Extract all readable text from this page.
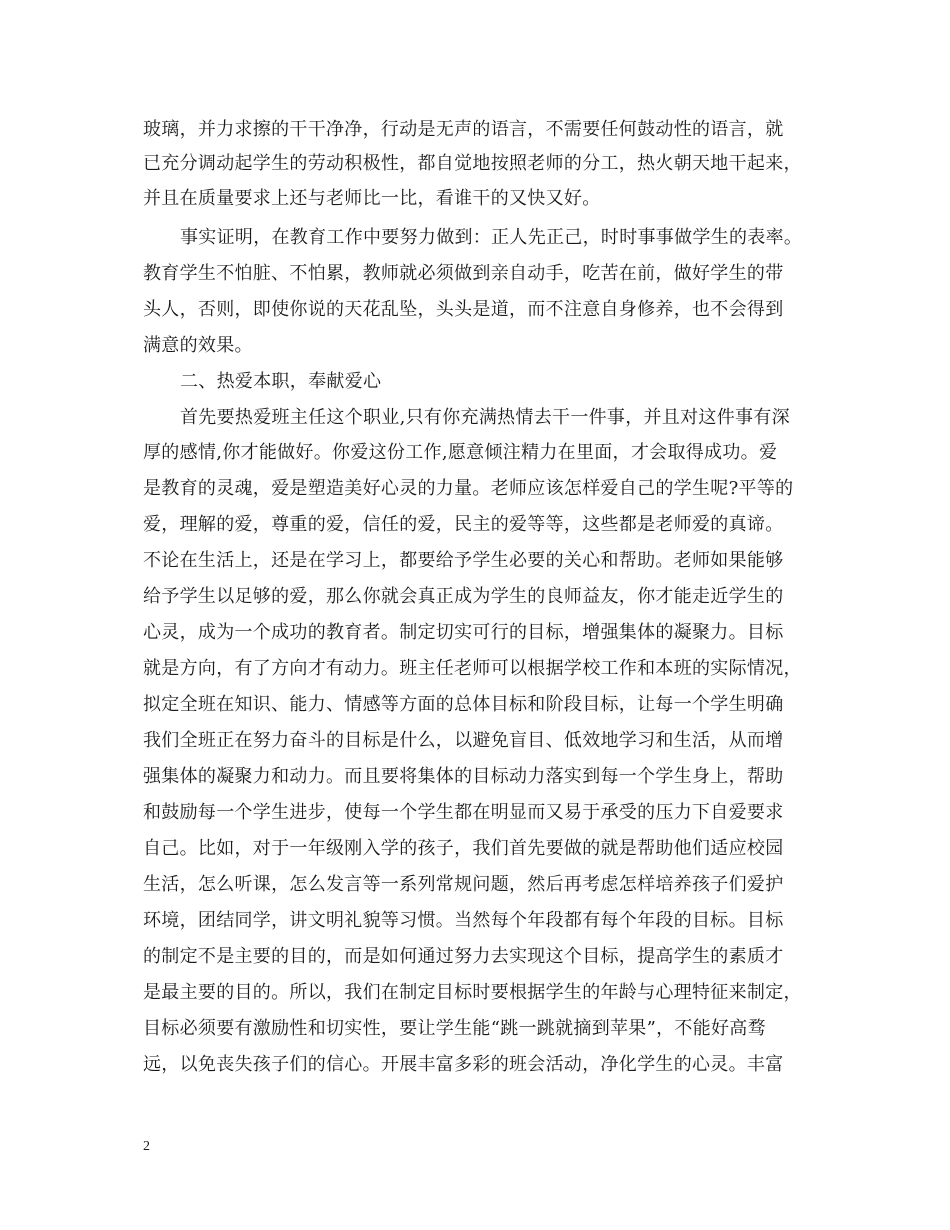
玻璃，并力求擦的干干净净，行动是无声的语言，不需要任何鼓动性的语言，就

已充分调动起学生的劳动积极性，都自觉地按照老师的分工，热火朝天地干起来，

并且在质量要求上还与老师比一比，看谁干的又快又好。

事实证明，在教育工作中要努力做到：正人先正己，时时事事做学生的表率。

教育学生不怕脏、不怕累，教师就必须做到亲自动手，吃苦在前，做好学生的带

头人，否则，即使你说的天花乱坠，头头是道，而不注意自身修养，也不会得到

满意的效果。

二、热爱本职，奉献爱心

首先要热爱班主任这个职业,只有你充满热情去干一件事，并且对这件事有深

厚的感情,你才能做好。你爱这份工作,愿意倾注精力在里面，才会取得成功。爱

是教育的灵魂，爱是塑造美好心灵的力量。老师应该怎样爱自己的学生呢?平等的

爱，理解的爱，尊重的爱，信任的爱，民主的爱等等，这些都是老师爱的真谛。

不论在生活上，还是在学习上，都要给予学生必要的关心和帮助。老师如果能够

给予学生以足够的爱，那么你就会真正成为学生的良师益友，你才能走近学生的

心灵，成为一个成功的教育者。制定切实可行的目标，增强集体的凝聚力。目标

就是方向，有了方向才有动力。班主任老师可以根据学校工作和本班的实际情况，

拟定全班在知识、能力、情感等方面的总体目标和阶段目标，让每一个学生明确

我们全班正在努力奋斗的目标是什么，以避免盲目、低效地学习和生活，从而增

强集体的凝聚力和动力。而且要将集体的目标动力落实到每一个学生身上，帮助

和鼓励每一个学生进步，使每一个学生都在明显而又易于承受的压力下自爱要求

自己。比如，对于一年级刚入学的孩子，我们首先要做的就是帮助他们适应校园

生活，怎么听课，怎么发言等一系列常规问题，然后再考虑怎样培养孩子们爱护

环境，团结同学，讲文明礼貌等习惯。当然每个年段都有每个年段的目标。目标

的制定不是主要的目的，而是如何通过努力去实现这个目标，提高学生的素质才

是最主要的目的。所以，我们在制定目标时要根据学生的年龄与心理特征来制定，

目标必须要有激励性和切实性，要让学生能“跳一跳就摘到苹果”，不能好高骛

远，以免丧失孩子们的信心。开展丰富多彩的班会活动，净化学生的心灵。丰富

2
